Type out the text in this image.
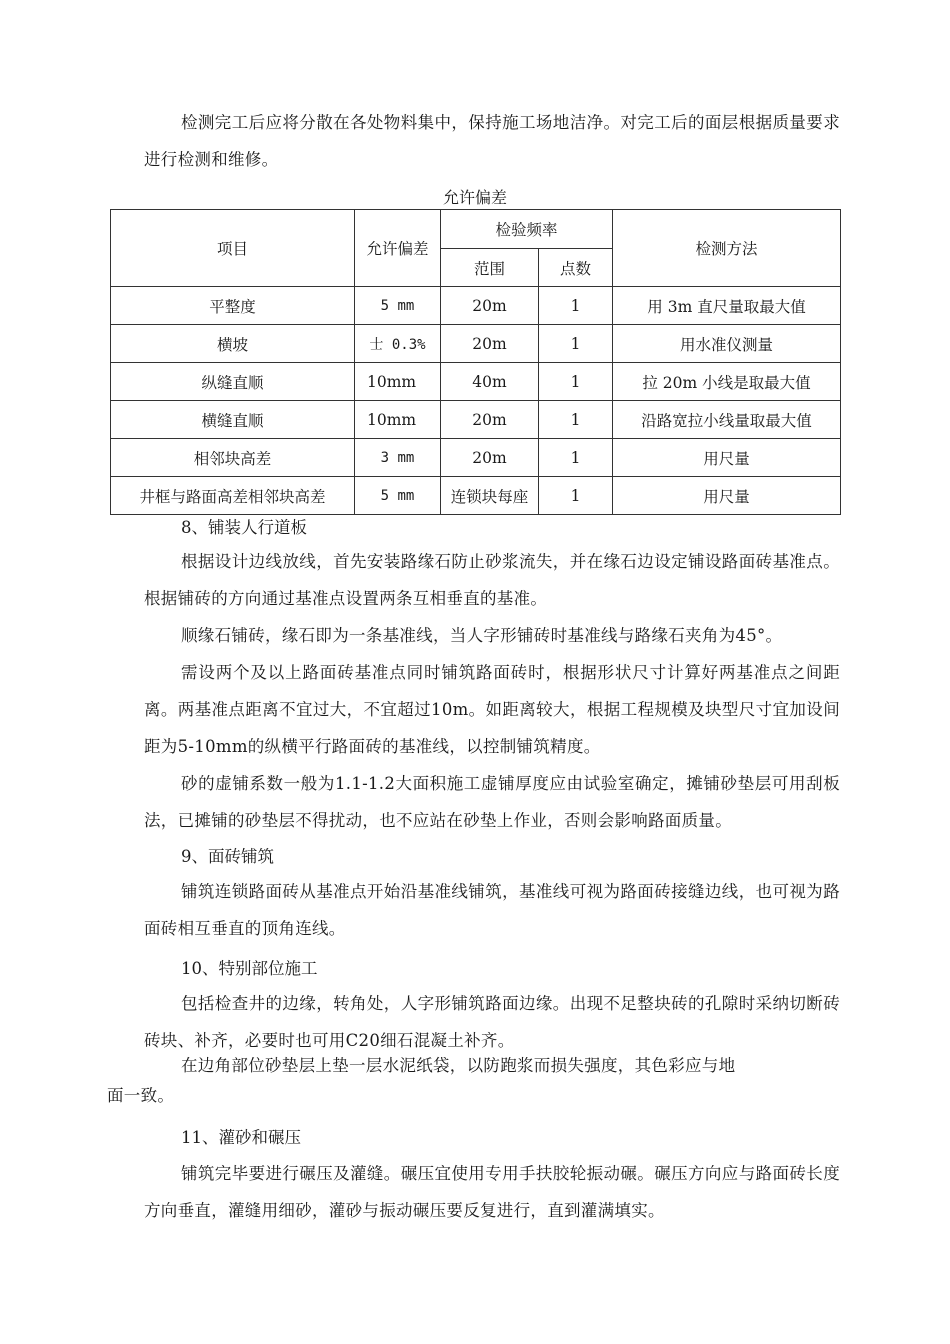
检测完工后应将分散在各处物料集中，保持施工场地洁净。对完工后的面层根据质量要求进行检测和维修。

允许偏差
项目	允许偏差	检验频率		检测方法
		范围	点数	
平整度	5 mm	20m	1	用 3m 直尺量取最大值
横坡	士 0.3%	20m	1	用水准仪测量
纵缝直顺	10mm	40m	1	拉 20m 小线是取最大值
横缝直顺	10mm	20m	1	沿路宽拉小线量取最大值
相邻块高差	3 mm	20m	1	用尺量
井框与路面高差相邻块高差	5 mm	连锁块每座	1	用尺量
8、铺装人行道板

根据设计边线放线，首先安装路缘石防止砂浆流失，并在缘石边设定铺设路面砖基准点。根据铺砖的方向通过基准点设置两条互相垂直的基准。

顺缘石铺砖，缘石即为一条基准线，当人字形铺砖时基准线与路缘石夹角为45°。

需设两个及以上路面砖基准点同时铺筑路面砖时，根据形状尺寸计算好两基准点之间距离。两基准点距离不宜过大，不宜超过10m。如距离较大，根据工程规模及块型尺寸宜加设间距为5-10mm的纵横平行路面砖的基准线，以控制铺筑精度。

砂的虚铺系数一般为1.1-1.2大面积施工虚铺厚度应由试验室确定，摊铺砂垫层可用刮板法，已摊铺的砂垫层不得扰动，也不应站在砂垫上作业，否则会影响路面质量。

9、面砖铺筑

铺筑连锁路面砖从基准点开始沿基准线铺筑，基准线可视为路面砖接缝边线，也可视为路面砖相互垂直的顶角连线。

10、特别部位施工

包括检查井的边缘，转角处，人字形铺筑路面边缘。出现不足整块砖的孔隙时采纳切断砖砖块、补齐，必要时也可用C20细石混凝土补齐。

在边角部位砂垫层上垫一层水泥纸袋，以防跑浆而损失强度，其色彩应与地
面一致。

11、灌砂和碾压

铺筑完毕要进行碾压及灌缝。碾压宜使用专用手扶胶轮振动碾。碾压方向应与路面砖长度方向垂直，灌缝用细砂，灌砂与振动碾压要反复进行，直到灌满填实。
